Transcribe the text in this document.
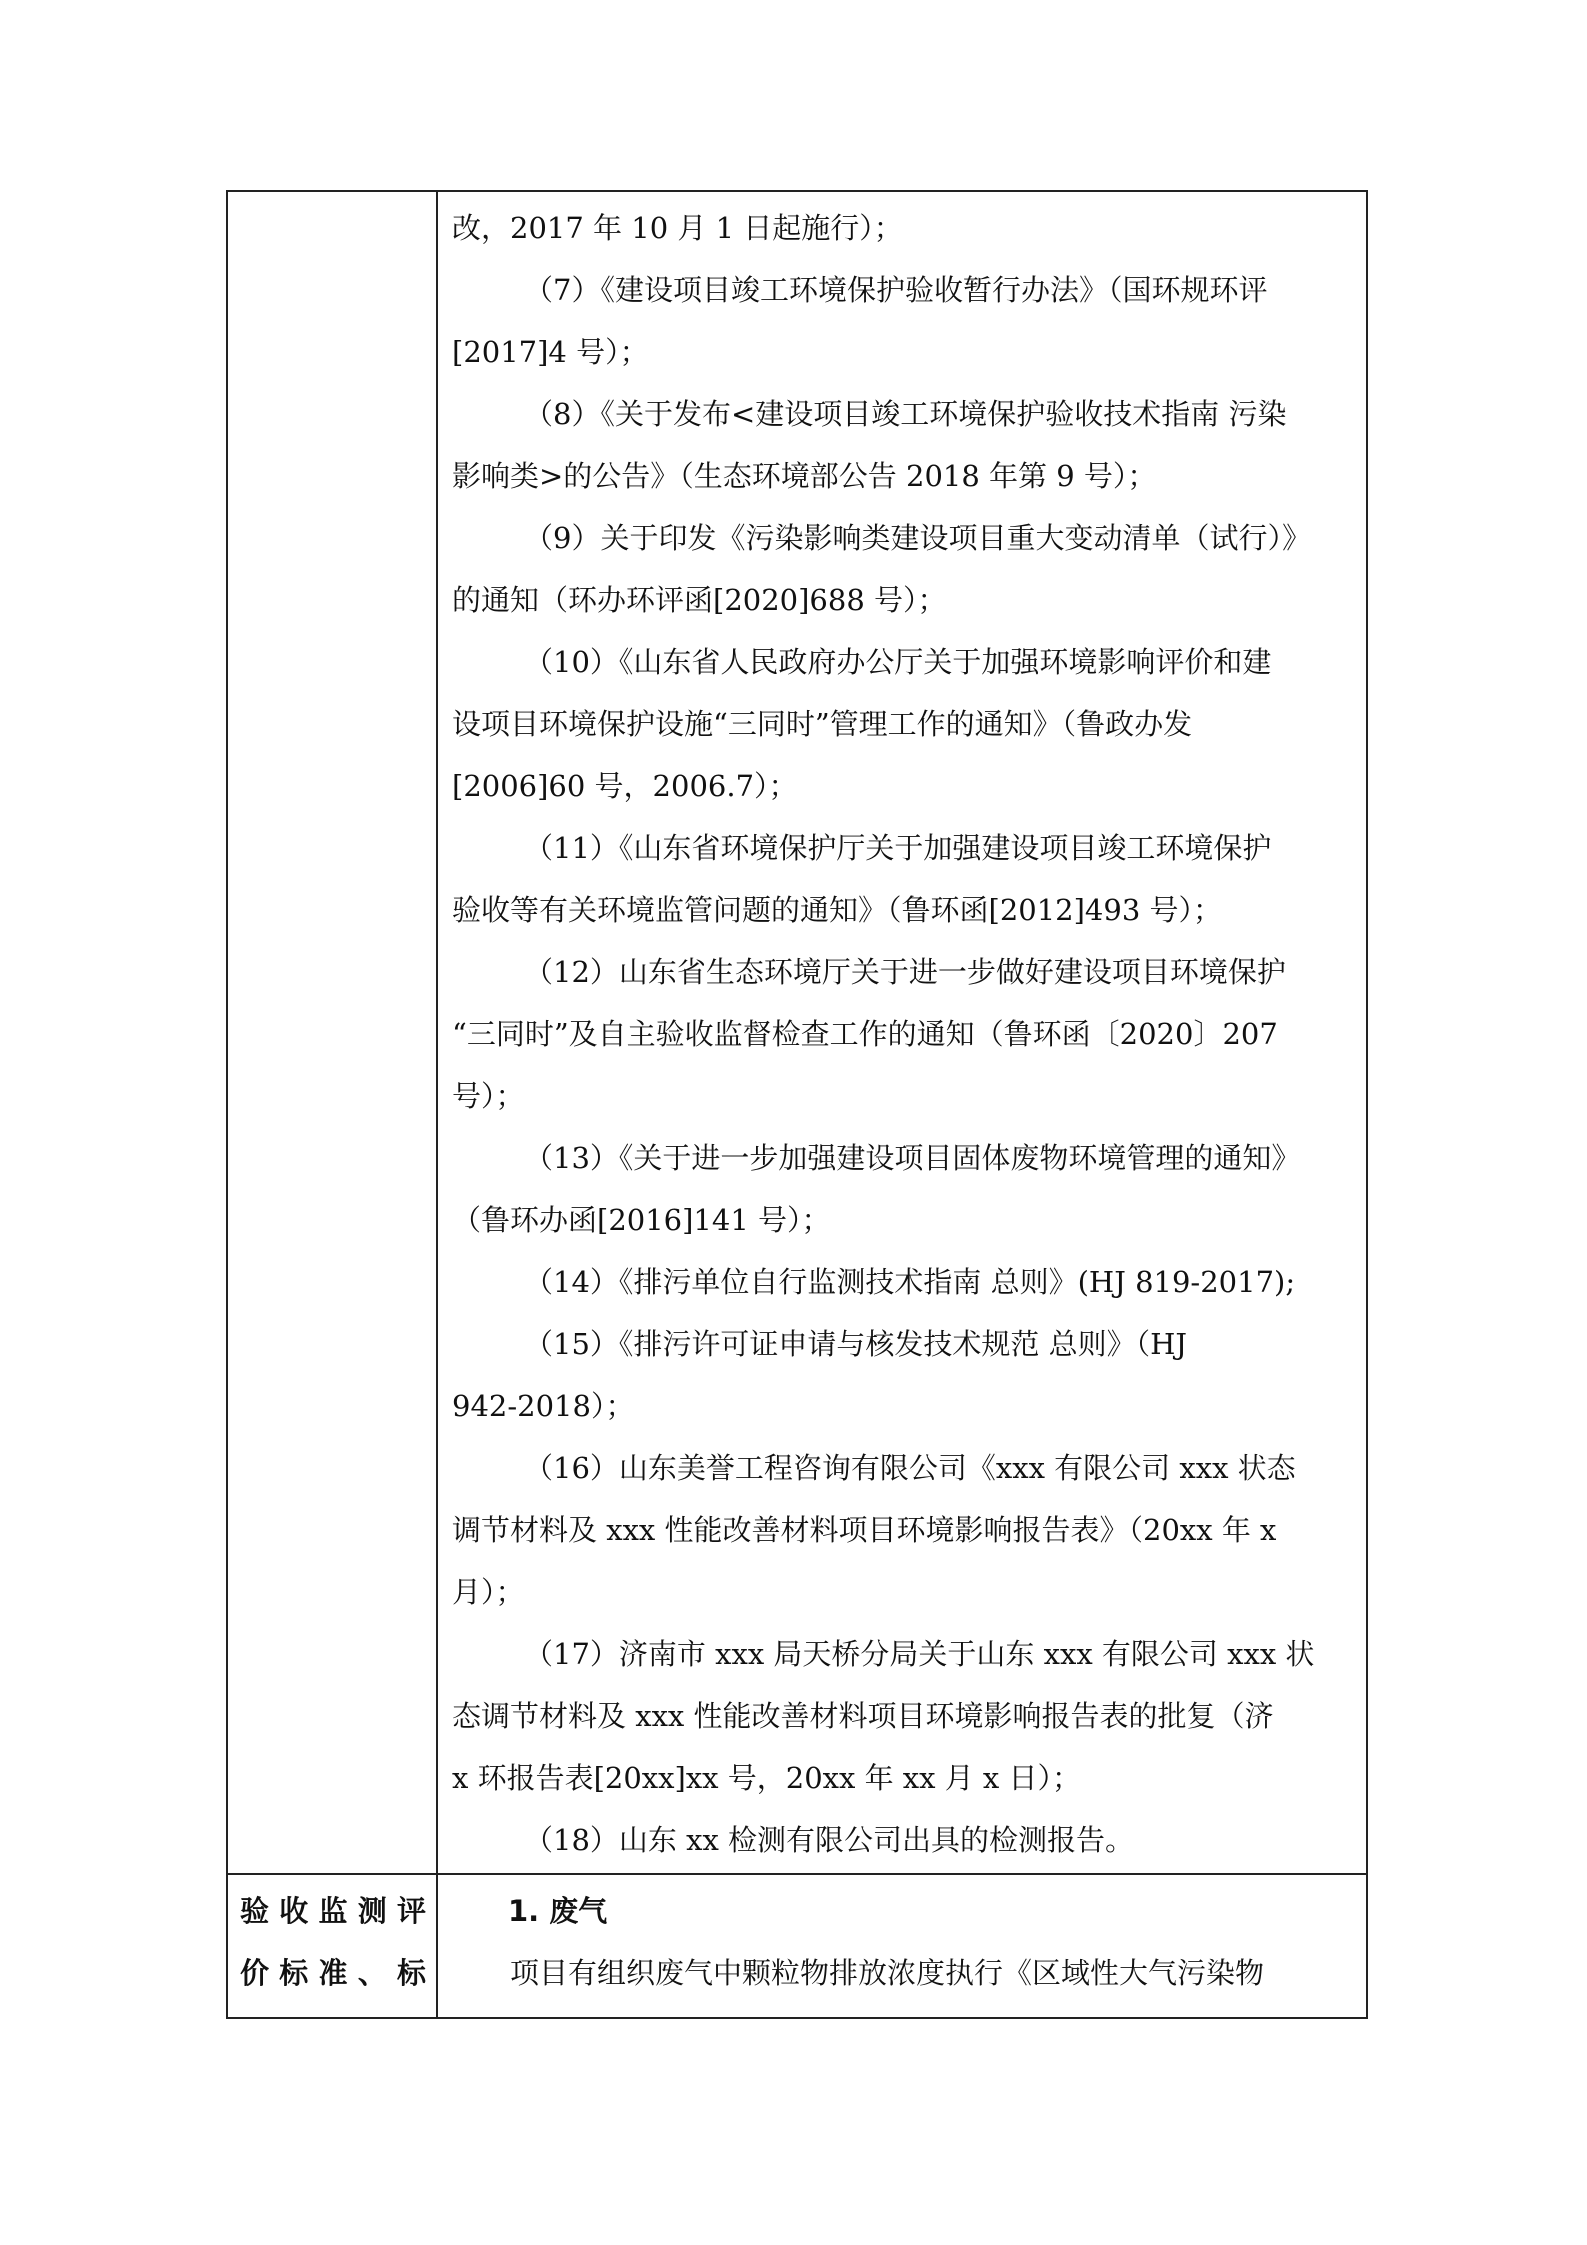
改，2017 年 10 月 1 日起施行）；
（7）《建设项目竣工环境保护验收暂行办法》（国环规环评
[2017]4 号）；
（8）《关于发布<建设项目竣工环境保护验收技术指南 污染
影响类>的公告》（生态环境部公告 2018 年第 9 号）；
（9）关于印发《污染影响类建设项目重大变动清单（试行）》
的通知（环办环评函[2020]688 号）；
（10）《山东省人民政府办公厅关于加强环境影响评价和建
设项目环境保护设施“三同时”管理工作的通知》（鲁政办发
[2006]60 号，2006.7）；
（11）《山东省环境保护厅关于加强建设项目竣工环境保护
验收等有关环境监管问题的通知》（鲁环函[2012]493 号）；
（12）山东省生态环境厅关于进一步做好建设项目环境保护
“三同时”及自主验收监督检查工作的通知（鲁环函〔2020〕207
号）；
（13）《关于进一步加强建设项目固体废物环境管理的通知》
（鲁环办函[2016]141 号）；
（14）《排污单位自行监测技术指南 总则》(HJ 819-2017);
（15）《排污许可证申请与核发技术规范 总则》（HJ
942-2018）；
（16）山东美誉工程咨询有限公司《xxx 有限公司 xxx 状态
调节材料及 xxx 性能改善材料项目环境影响报告表》（20xx 年 x
月）；
（17）济南市 xxx 局天桥分局关于山东 xxx 有限公司 xxx 状
态调节材料及 xxx 性能改善材料项目环境影响报告表的批复（济
x 环报告表[20xx]xx 号，20xx 年 xx 月 x 日）；
（18）山东 xx 检测有限公司出具的检测报告。
验收监测评
价标准、标
1. 废气
项目有组织废气中颗粒物排放浓度执行《区域性大气污染物
